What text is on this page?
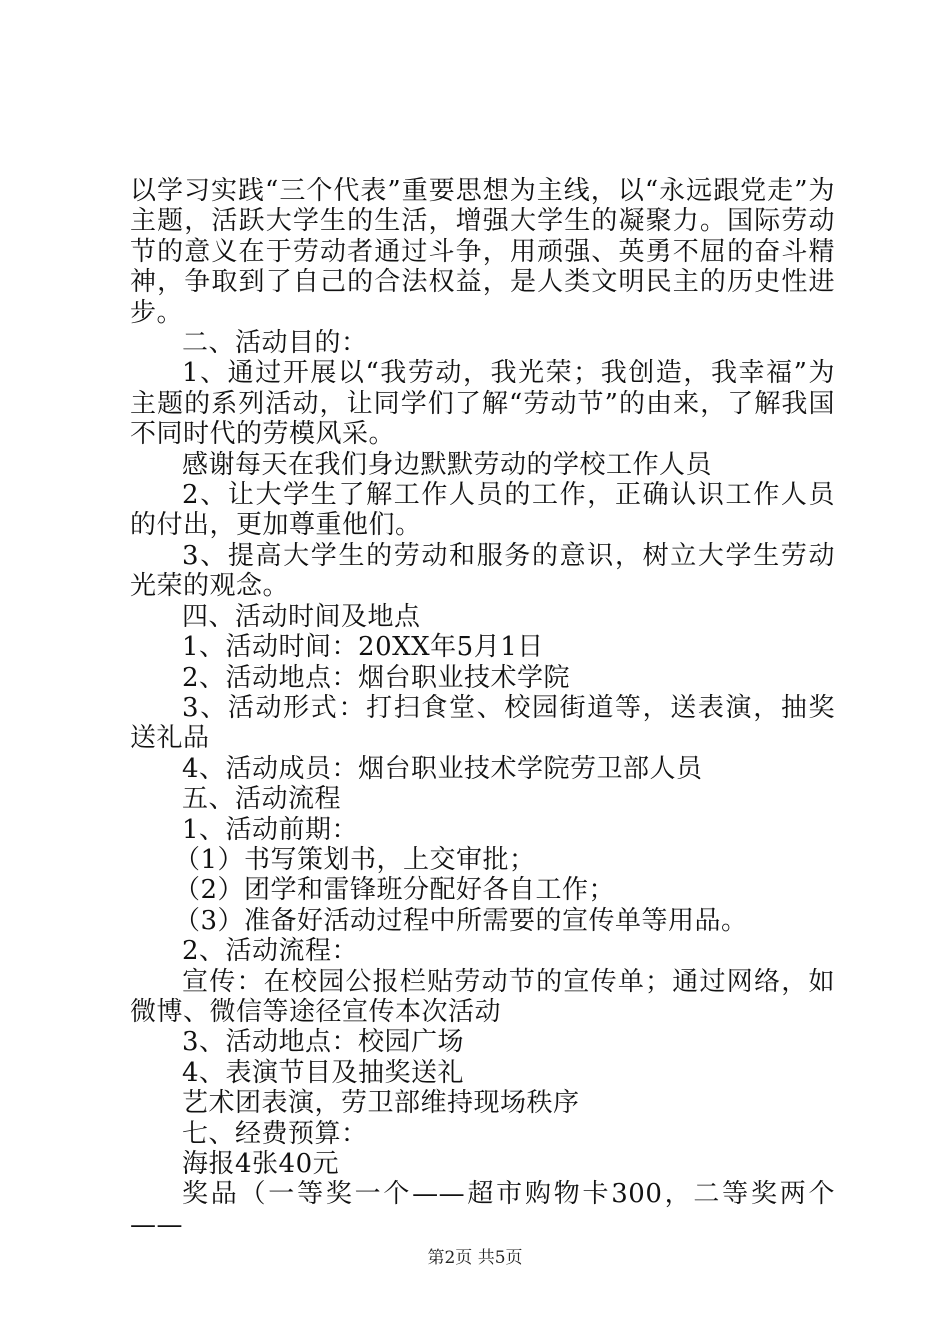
以学习实践“三个代表”重要思想为主线，以“永远跟党走”为主题，活跃大学生的生活，增强大学生的凝聚力。国际劳动节的意义在于劳动者通过斗争，用顽强、英勇不屈的奋斗精神，争取到了自己的合法权益，是人类文明民主的历史性进步。

二、活动目的：

1、通过开展以“我劳动，我光荣；我创造，我幸福”为主题的系列活动，让同学们了解“劳动节”的由来，了解我国不同时代的劳模风采。

感谢每天在我们身边默默劳动的学校工作人员

2、让大学生了解工作人员的工作，正确认识工作人员的付出，更加尊重他们。

3、提高大学生的劳动和服务的意识，树立大学生劳动光荣的观念。

四、活动时间及地点

1、活动时间：20XX年5月1日

2、活动地点：烟台职业技术学院

3、活动形式：打扫食堂、校园街道等，送表演，抽奖送礼品

4、活动成员：烟台职业技术学院劳卫部人员

五、活动流程

1、活动前期：

（1）书写策划书，上交审批；

（2）团学和雷锋班分配好各自工作；

（3）准备好活动过程中所需要的宣传单等用品。

2、活动流程：

宣传：在校园公报栏贴劳动节的宣传单；通过网络，如微博、微信等途径宣传本次活动

3、活动地点：校园广场

4、表演节目及抽奖送礼

艺术团表演，劳卫部维持现场秩序

七、经费预算：

海报4张40元

奖品（一等奖一个——超市购物卡300，二等奖两个——

第2页 共5页
